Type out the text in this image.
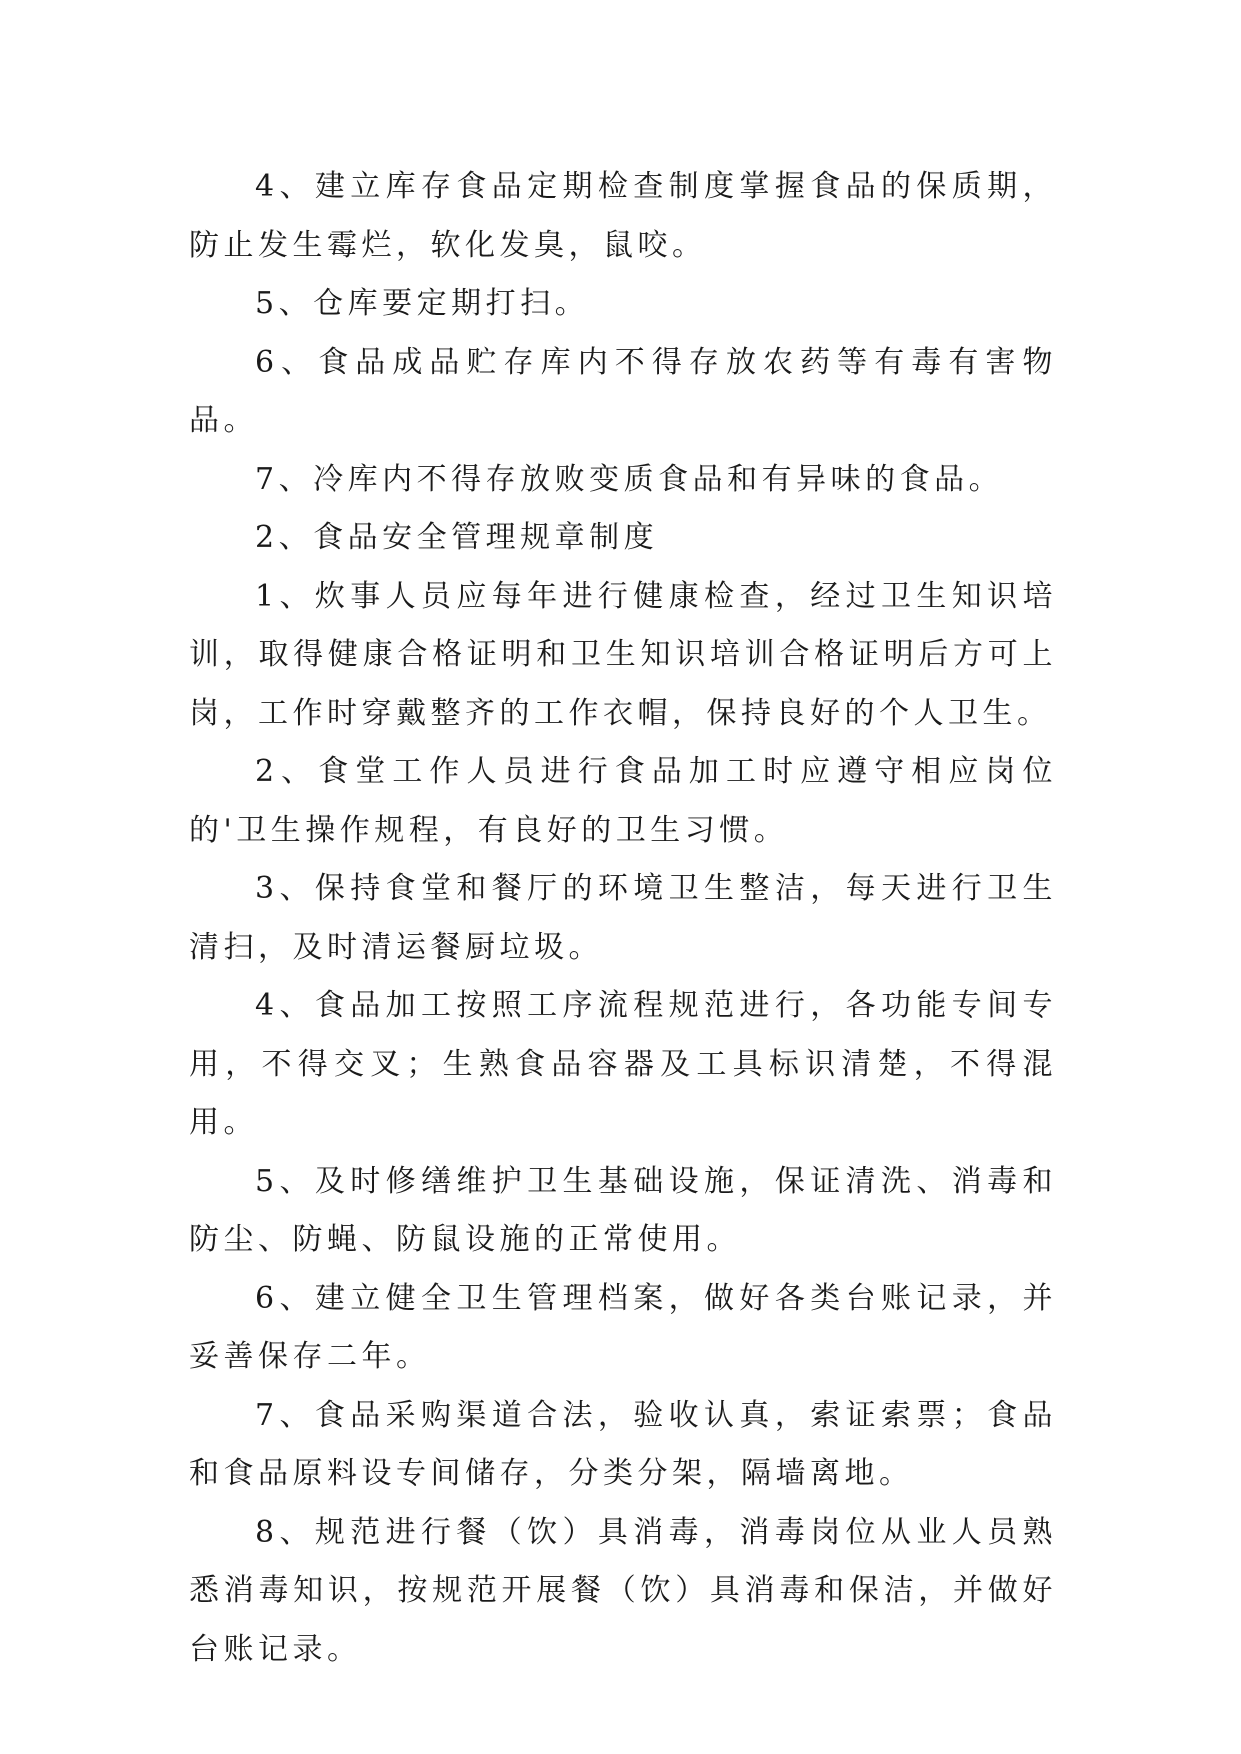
4、建立库存食品定期检查制度掌握食品的保质期，防止发生霉烂，软化发臭，鼠咬。

5、仓库要定期打扫。

6、食品成品贮存库内不得存放农药等有毒有害物品。

7、冷库内不得存放败变质食品和有异味的食品。

2、食品安全管理规章制度

1、炊事人员应每年进行健康检查，经过卫生知识培训，取得健康合格证明和卫生知识培训合格证明后方可上岗，工作时穿戴整齐的工作衣帽，保持良好的个人卫生。

2、食堂工作人员进行食品加工时应遵守相应岗位的'卫生操作规程，有良好的卫生习惯。

3、保持食堂和餐厅的环境卫生整洁，每天进行卫生清扫，及时清运餐厨垃圾。

4、食品加工按照工序流程规范进行，各功能专间专用，不得交叉；生熟食品容器及工具标识清楚，不得混用。

5、及时修缮维护卫生基础设施，保证清洗、消毒和防尘、防蝇、防鼠设施的正常使用。

6、建立健全卫生管理档案，做好各类台账记录，并妥善保存二年。

7、食品采购渠道合法，验收认真，索证索票；食品和食品原料设专间储存，分类分架，隔墙离地。

8、规范进行餐（饮）具消毒，消毒岗位从业人员熟悉消毒知识，按规范开展餐（饮）具消毒和保洁，并做好台账记录。
